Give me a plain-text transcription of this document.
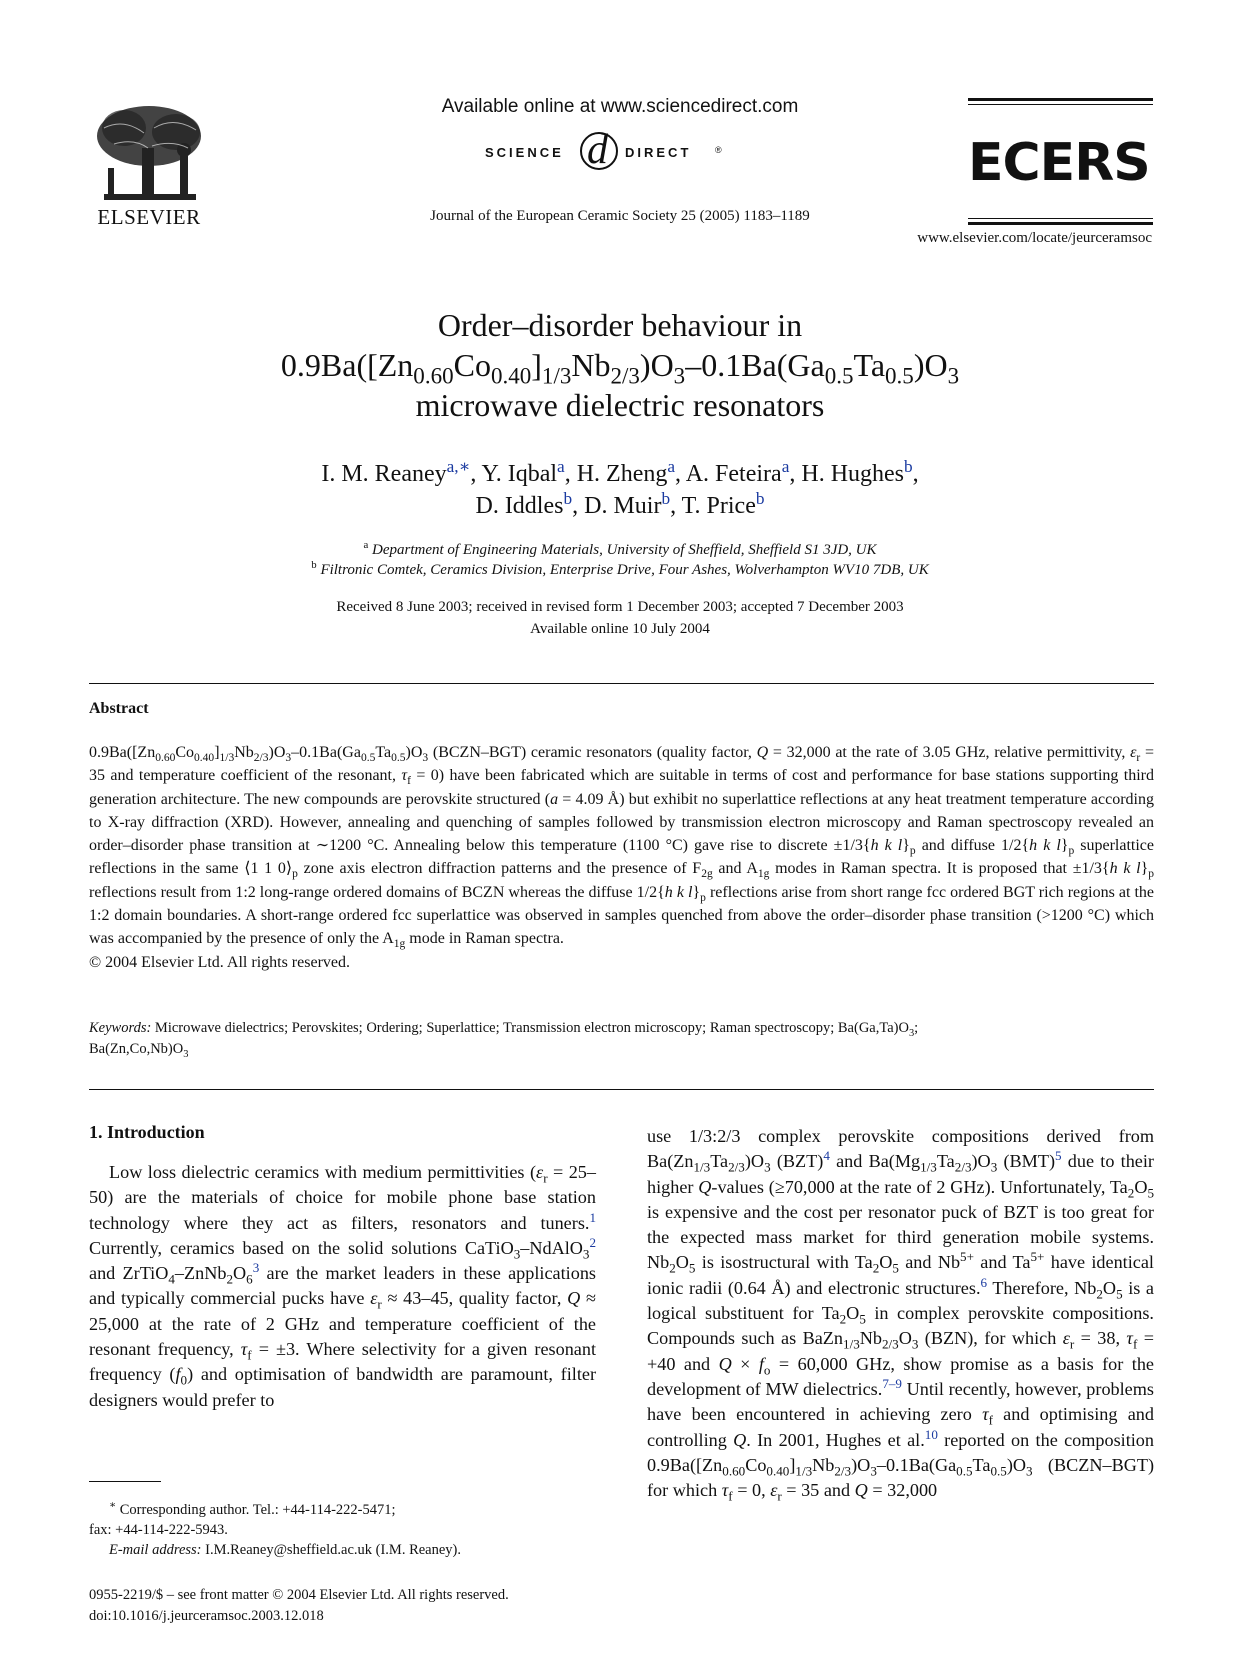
ELSEVIER
Available online at www.sciencedirect.com
SCIENCE d DIRECT	®
Journal of the European Ceramic Society 25 (2005) 1183–1189
ECERS
www.elsevier.com/locate/jeurceramsoc
Order–disorder behaviour in
$0.9Ba([Zn_{0.60}Co_{0.40}]_{1/3}Nb_{2/3})O_3-0.1Ba(Ga_{0.5}Ta_{0.5})O_3$
microwave dielectric resonators
I. M. Reaney$^{a,∗}$, Y. Iqbal$^a$, H. Zheng$^a$, A. Feteira$^a$, H. Hughes$^b$,
D. Iddles$^b$, D. Muir$^b$, T. Price$^b$
$^a$ Department of Engineering Materials, University of Sheffield, Sheffield S1 3JD, UK
$^b$ Filtronic Comtek, Ceramics Division, Enterprise Drive, Four Ashes, Wolverhampton WV10 7DB, UK
Received 8 June 2003; received in revised form 1 December 2003; accepted 7 December 2003
Available online 10 July 2004
Abstract
$0.9Ba([Zn_{0.60}Co_{0.40}]_{1/3}Nb_{2/3})O_3-0.1Ba(Ga_{0.5}Ta_{0.5})O_3$ (BCZN–BGT) ceramic resonators (quality factor, Q = 32,000 at the rate of 3.05 GHz, relative permittivity, $\varepsilon_r = 35$ and temperature coefficient of the resonant, $\tau_f = 0$) have been fabricated which are suitable in terms of cost and performance for base stations supporting third generation architecture. The new compounds are perovskite structured (a = 4.09 Å) but exhibit no superlattice reflections at any heat treatment temperature according to X-ray diffraction (XRD). However, annealing and quenching of samples followed by transmission electron microscopy and Raman spectroscopy revealed an order–disorder phase transition at ∼1200 °C. Annealing below this temperature (1100 °C) gave rise to discrete ±1/3{h k $l\}_p$ and diffuse 1/2{h k $l\}_p$ superlattice reflections in the same ⟨1 1 $0⟩_p$ zone axis electron diffraction patterns and the presence of $F_{2g}$ and $A_{1g}$ modes in Raman spectra. It is proposed that ±1/3{h k $l\}_p$ reflections result from 1:2 long-range ordered domains of BCZN whereas the diffuse 1/2{h k $l\}_p$ reflections arise from short range fcc ordered BGT rich regions at the 1:2 domain boundaries. A short-range ordered fcc superlattice was observed in samples quenched from above the order–disorder phase transition (>1200 °C) which was accompanied by the presence of only the $A_{1g}$ mode in Raman spectra.
© 2004 Elsevier Ltd. All rights reserved.
Keywords: Microwave dielectrics; Perovskites; Ordering; Superlattice; Transmission electron microscopy; Raman spectroscopy; $Ba(Ga,Ta)O_3$;
$Ba(Zn,Co,Nb)O_3$
1. Introduction
Low loss dielectric ceramics with medium permittivities $(\varepsilon_r = 25-50)$ are the materials of choice for mobile phone base station technology where they act as filters, resonators and tuners.$^1$ Currently, ceramics based on the solid solutions CaTiO$_3$–NdAlO$_3^2$ and $ZrTiO_4-ZnNb_2O_6^3$ are the market leaders in these applications and typically commercial pucks have $\varepsilon_r \approx 43-45$, quality factor, Q ≈ 25,000 at the rate of 2 GHz and temperature coefficient of the resonant frequency, $\tau_f = \pm 3$. Where selectivity for a given resonant frequency $(f_0)$ and optimisation of bandwidth are paramount, filter designers would prefer to
use 1/3:2/3 complex perovskite compositions derived from $Ba(Zn_{1/3}Ta_{2/3})O_3$ (BZT)$^4$ and $Ba(Mg_{1/3}Ta_{2/3})O_3$ (BMT)$^5$ due to their higher Q-values (≥70,000 at the rate of 2 GHz). Unfortunately, $Ta_2O_5$ is expensive and the cost per resonator puck of BZT is too great for the expected mass market for third generation mobile systems. $Nb_2O_5$ is isostructural with $Ta_2O_5$ and $Nb^{5+}$ and $Ta^{5+}$ have identical ionic radii (0.64 Å) and electronic structures.$^6$ Therefore, $Nb_2O_5$ is a logical substituent for $Ta_2O_5$ in complex perovskite compositions. Compounds such as $BaZn_{1/3}Nb_{2/3}O_3$ (BZN), for which $\varepsilon_r = 38$, $\tau_f = +40$ and $Q \times f_o = 60,000$ GHz, show promise as a basis for the development of MW dielectrics.$^{7-9}$ Until recently, however, problems have been encountered in achieving zero $\tau_f$ and optimising and controlling Q. In 2001, Hughes et al.$^{10}$ reported on the composition $0.9Ba([Zn_{0.60}Co_{0.40}]_{1/3}Nb_{2/3})O_3-0.1Ba(Ga_{0.5}Ta_{0.5})O_3$ (BCZN–BGT) for which $\tau_f = 0$, $\varepsilon_r = 35$ and Q = 32,000
∗ Corresponding author. Tel.: +44-114-222-5471;
fax: +44-114-222-5943.
E-mail address: I.M.Reaney@sheffield.ac.uk (I.M. Reaney).
0955-2219/$ – see front matter © 2004 Elsevier Ltd. All rights reserved.
doi:10.1016/j.jeurceramsoc.2003.12.018
